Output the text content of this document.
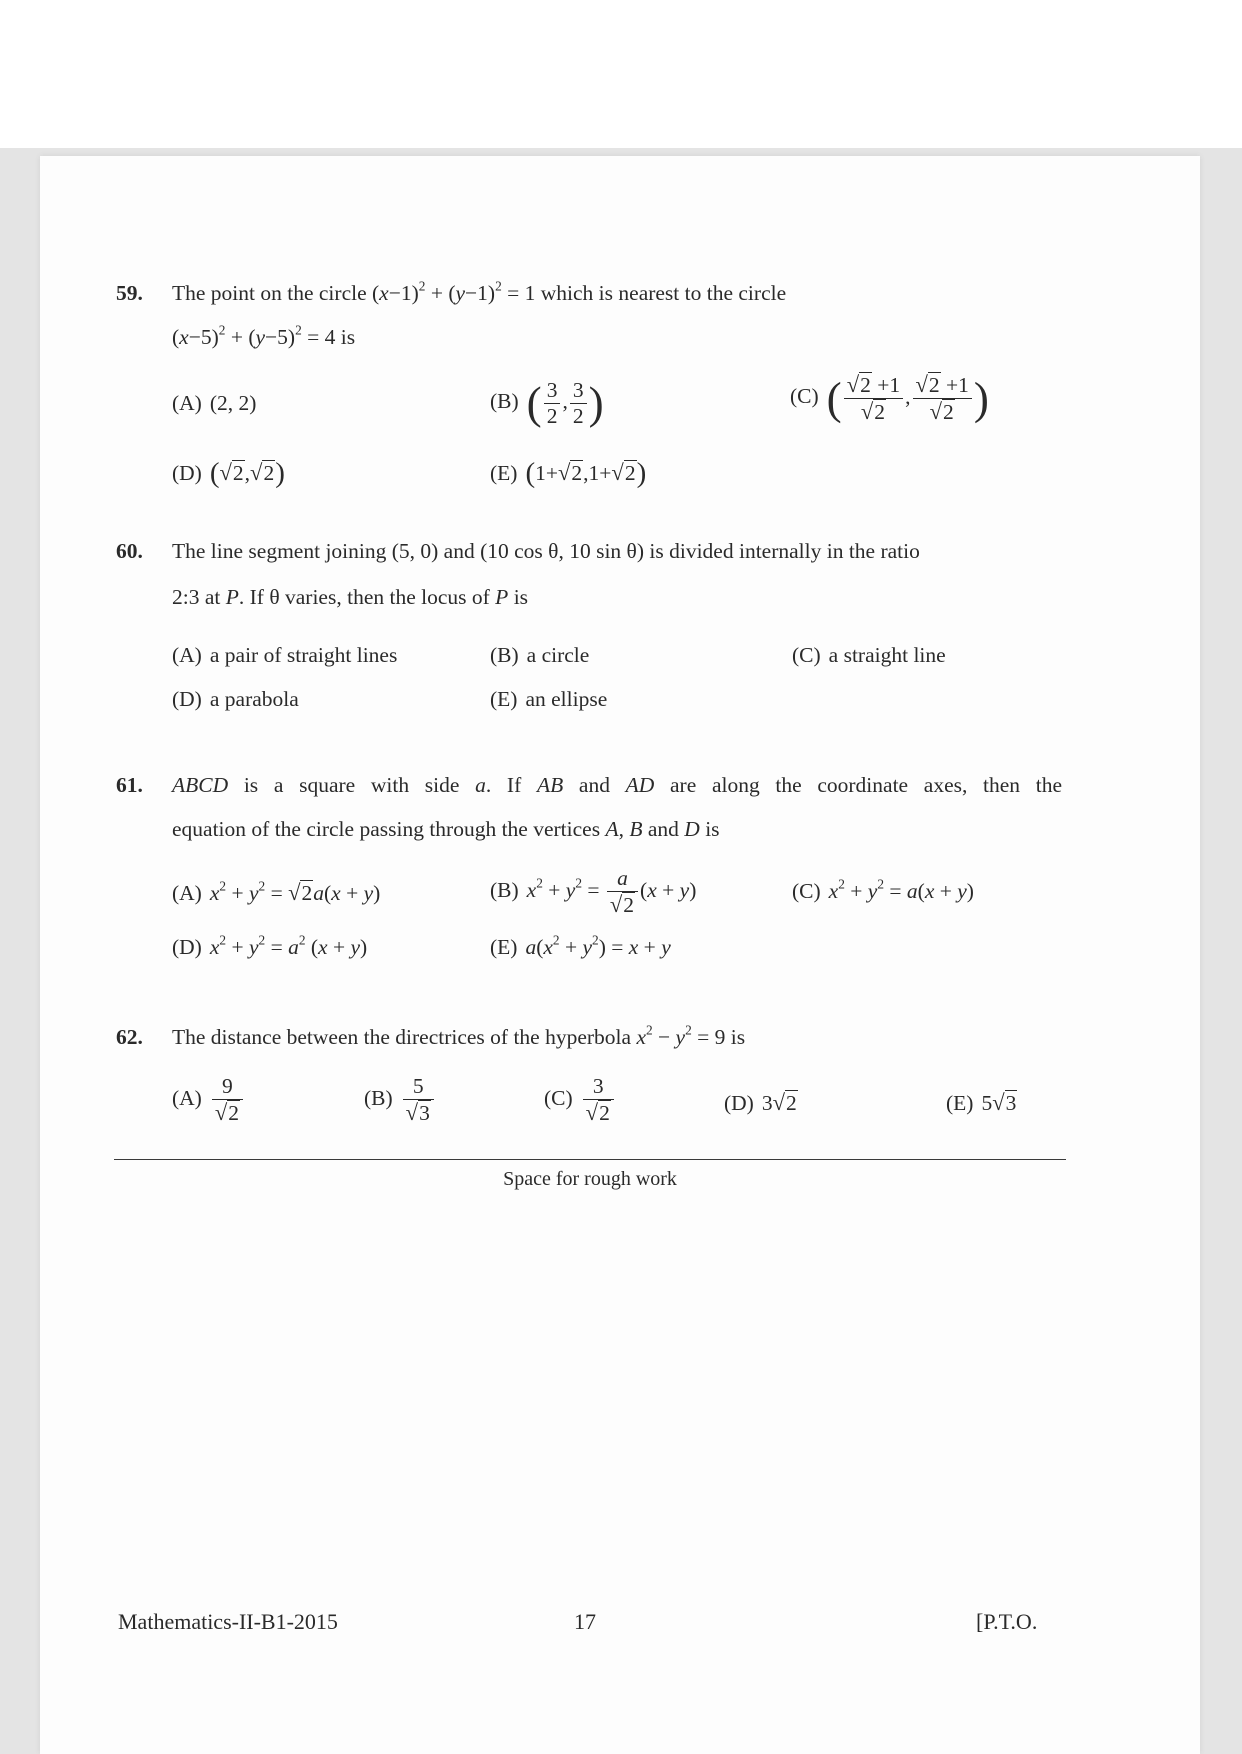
59. The point on the circle $(x-1)^2 + (y-1)^2 = 1$ which is nearest to the circle
$(x-5)^2 + (y-5)^2 = 4$ is
(A) (2, 2)	(B) ( $\frac{3}{2}$ , $\frac{3}{2}$ )	(C) ( $\frac{√2 +1}{√2}$ , $\frac{√2 +1}{√2}$ )
(D) (√2,√2)	(E) (1+√2,1+√2)
60. The line segment joining (5, 0) and (10 cos θ, 10 sin θ) is divided internally in the ratio
2:3 at P. If θ varies, then the locus of P is
(A) a pair of straight lines	(B) a circle	(C) a straight line
(D) a parabola	(E) an ellipse
61. ABCD is a square with side a. If AB and AD are along the coordinate axes, then the
equation of the circle passing through the vertices A, B and D is
(A) $x^2 + y^2 = √2a(x + y)$	(B) $x^2 + y^2 = \frac{a}{√2} (x + y)$	(C) $x^2 + y^2 = a(x + y)$
(D) $x^2 + y^2 = a^2$ (x + y)	(E) $a(x^2 + y^2) = x + y$
62. The distance between the directrices of the hyperbola $x^2 - y^2 = 9$ is
$(A) \frac{9}{√2}$	$(B) \frac{5}{√3}$	$(C) \frac{3}{√2}$	(D) 3√2	(E) 5√3
Space for rough work
Mathematics-II-B1-2015	17	[P.T.O.
